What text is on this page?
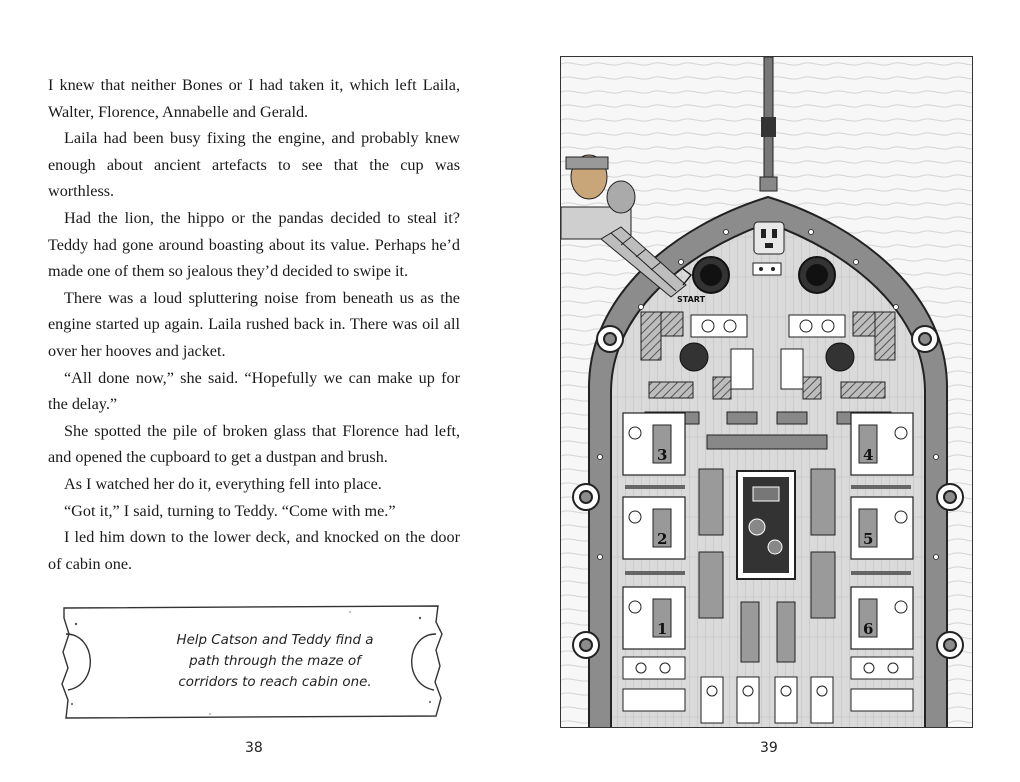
I knew that neither Bones or I had taken it, which left Laila, Walter, Florence, Annabelle and Gerald.

Laila had been busy fixing the engine, and probably knew enough about ancient artefacts to see that the cup was worthless.

Had the lion, the hippo or the pandas decided to steal it? Teddy had gone around boasting about its value. Perhaps he’d made one of them so jealous they’d decided to swipe it.

There was a loud spluttering noise from beneath us as the engine started up again. Laila rushed back in. There was oil all over her hooves and jacket.

“All done now,” she said. “Hopefully we can make up for the delay.”

She spotted the pile of broken glass that Florence had left, and opened the cupboard to get a dustpan and brush.

As I watched her do it, everything fell into place.

“Got it,” I said, turning to Teddy. “Come with me.”

I led him down to the lower deck, and knocked on the door of cabin one.

Help Catson and Teddy find a
path through the maze of
corridors to reach cabin one.
38
START
3	4
2	5
1	6
39
